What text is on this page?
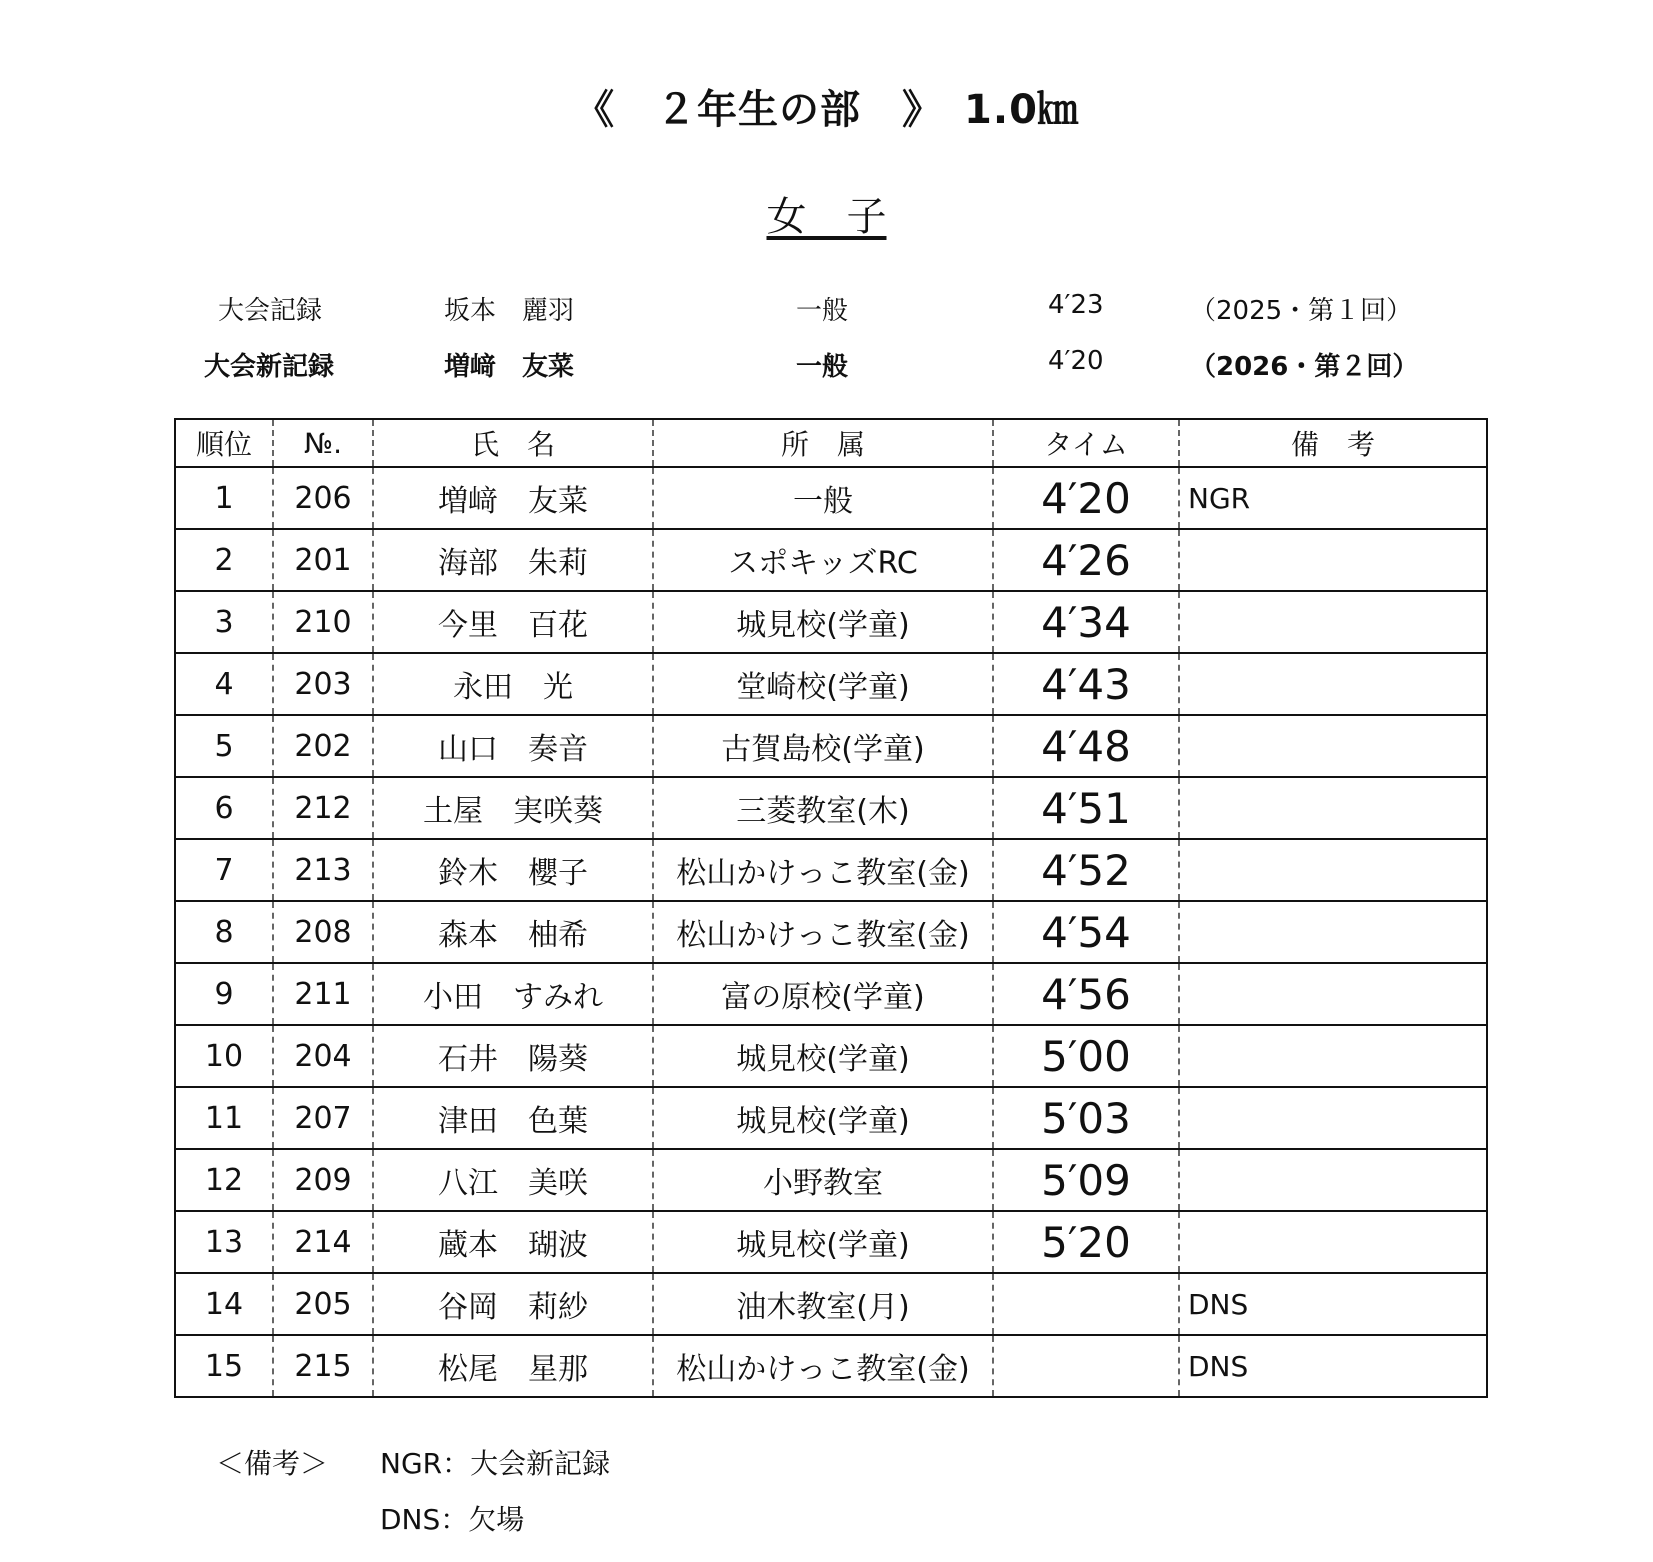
《　２年生の部　》　1.0㎞
女　子
大会記録	坂本　麗羽	一般	4′23	（2025・第１回）
大会新記録	増﨑　友菜	一般	4′20	（2026・第２回）
順位	№.	氏　名	所　属	タイム	備　考
1	206	増﨑　友菜	一般	4′20	NGR
2	201	海部　朱莉	スポキッズRC	4′26	
3	210	今里　百花	城見校(学童)	4′34	
4	203	永田　光	堂崎校(学童)	4′43	
5	202	山口　奏音	古賀島校(学童)	4′48	
6	212	土屋　実咲葵	三菱教室(木)	4′51	
7	213	鈴木　櫻子	松山かけっこ教室(金)	4′52	
8	208	森本　柚希	松山かけっこ教室(金)	4′54	
9	211	小田　すみれ	富の原校(学童)	4′56	
10	204	石井　陽葵	城見校(学童)	5′00	
11	207	津田　色葉	城見校(学童)	5′03	
12	209	八江　美咲	小野教室	5′09	
13	214	蔵本　瑚波	城見校(学童)	5′20	
14	205	谷岡　莉紗	油木教室(月)		DNS
15	215	松尾　星那	松山かけっこ教室(金)		DNS
＜備考＞ NGR：大会新記録
DNS：欠場
